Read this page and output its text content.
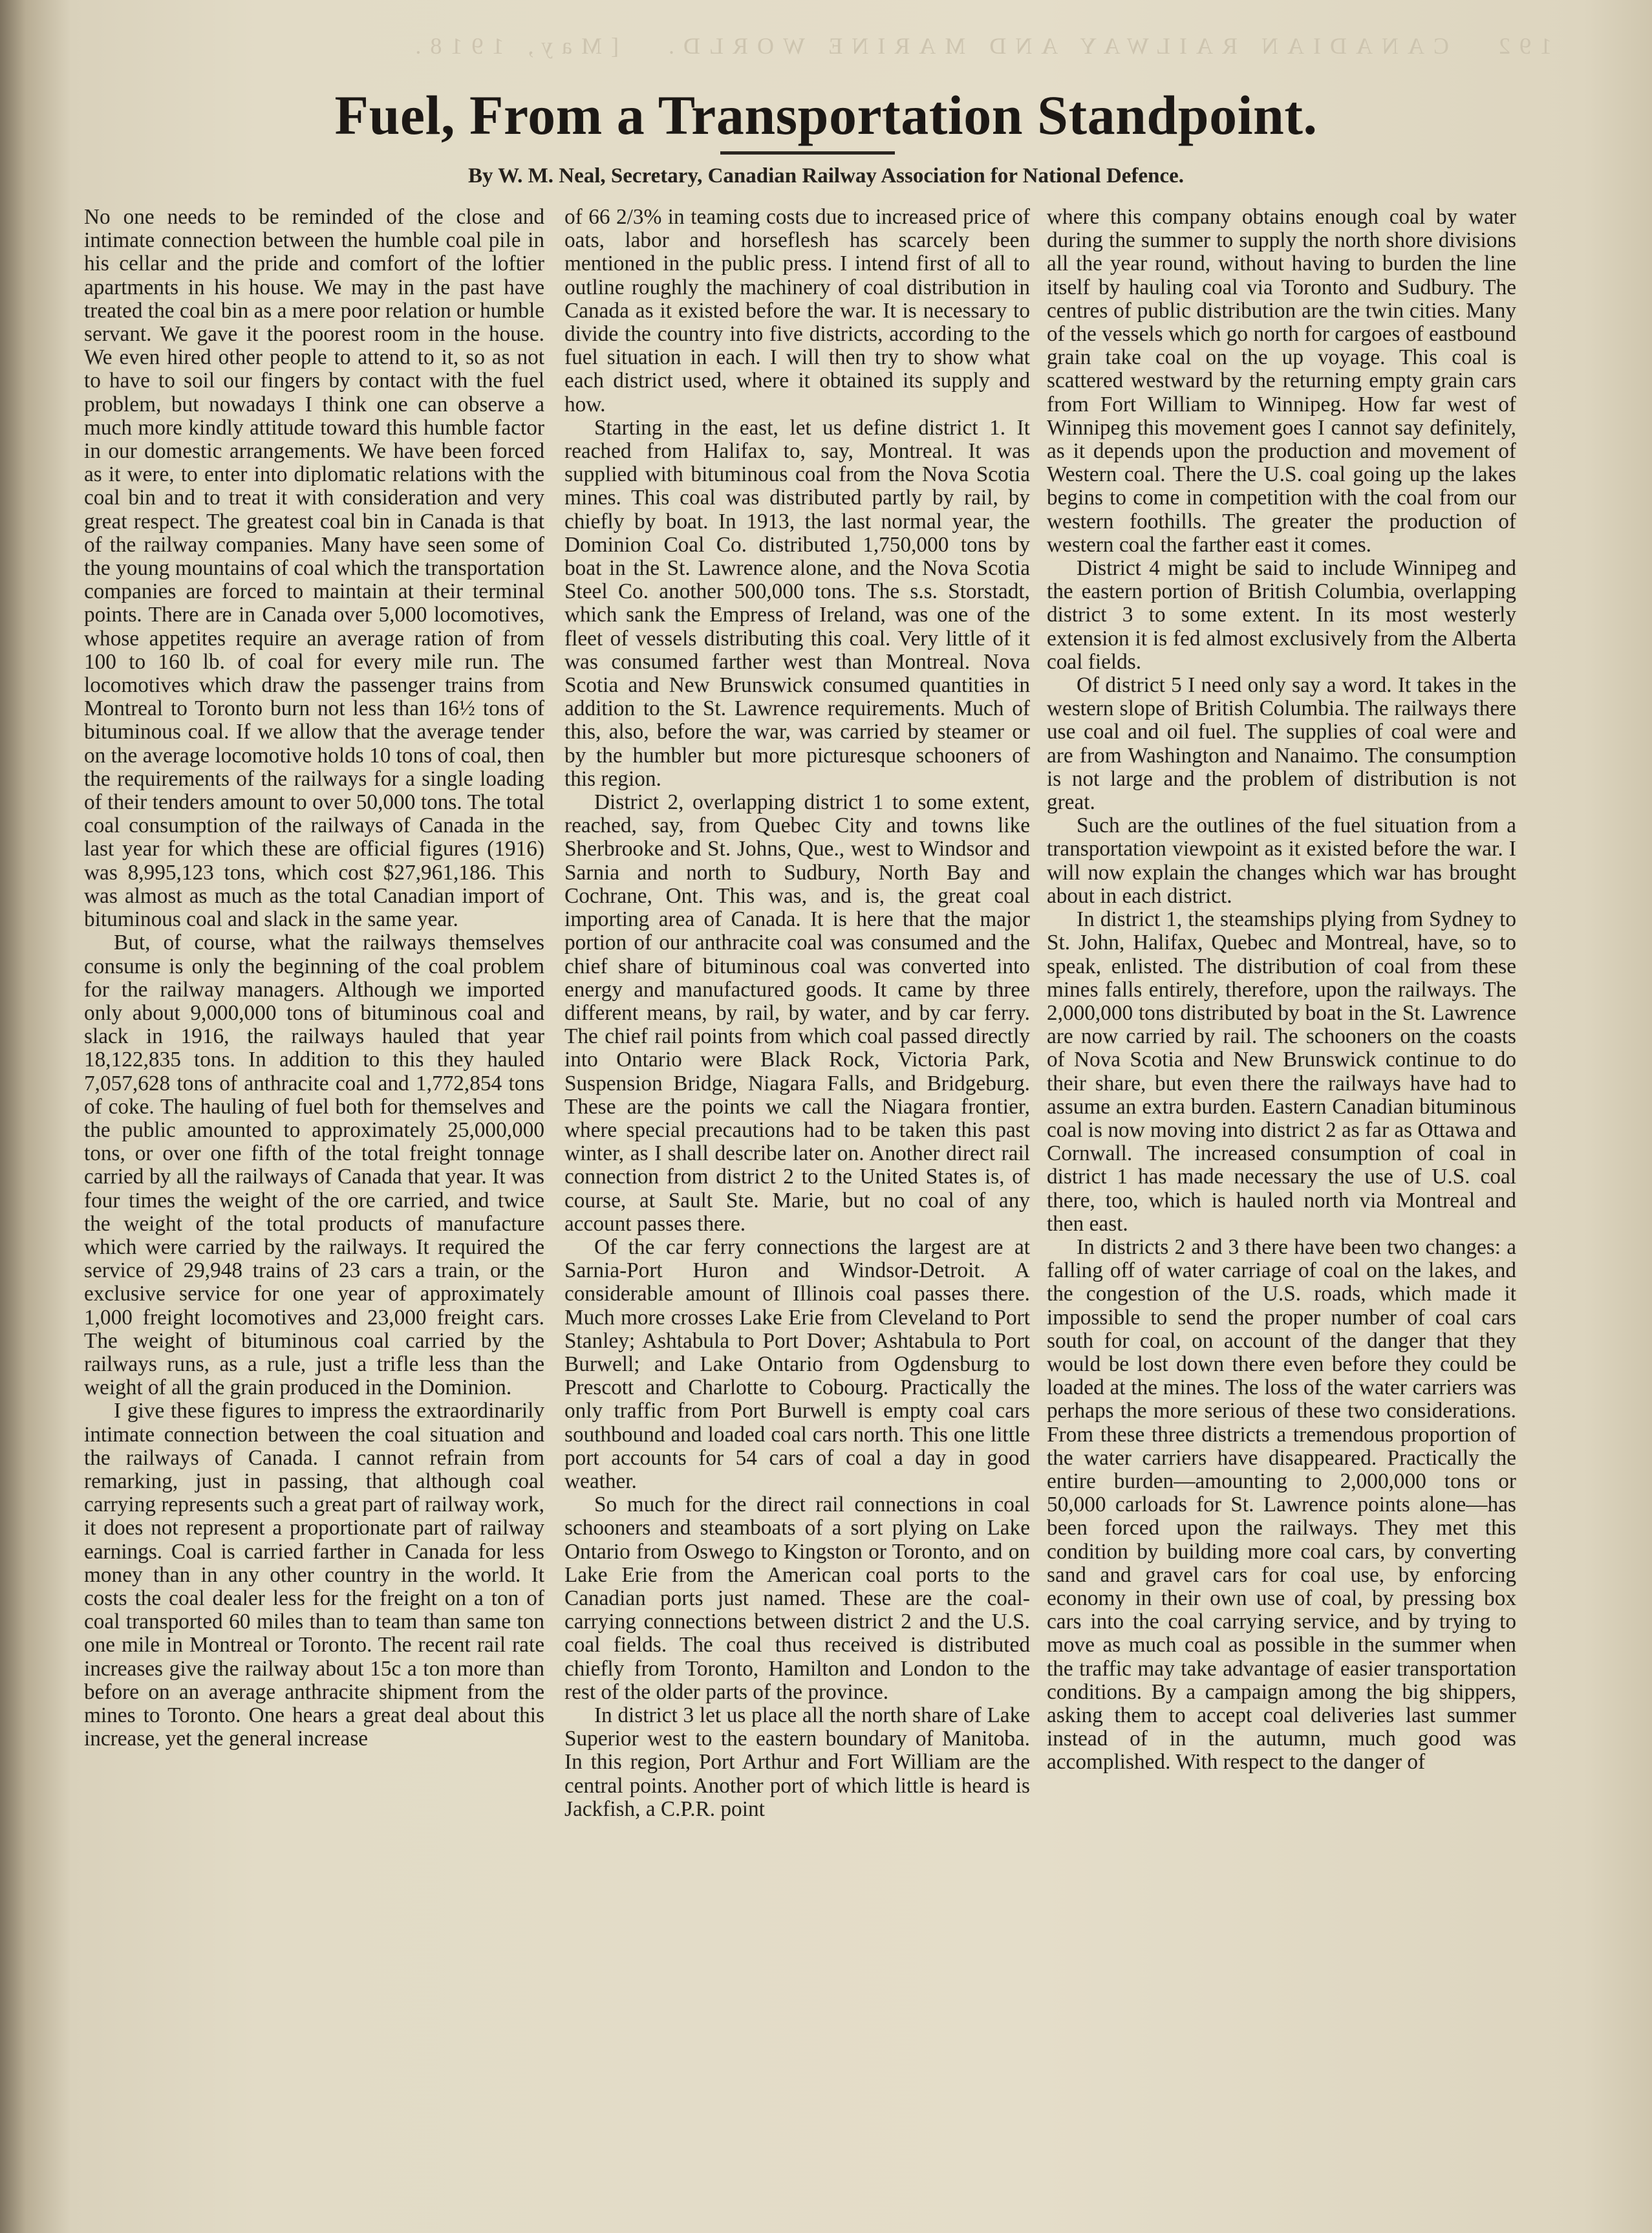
192 CANADIAN RAILWAY AND MARINE WORLD. [May, 1918.
Fuel, From a Transportation Standpoint.
By W. M. Neal, Secretary, Canadian Railway Association for National Defence.

No one needs to be reminded of the close and intimate connection between the humble coal pile in his cellar and the pride and comfort of the loftier apartments in his house. We may in the past have treated the coal bin as a mere poor relation or humble servant. We gave it the poorest room in the house. We even hired other people to attend to it, so as not to have to soil our fingers by contact with the fuel problem, but nowadays I think one can observe a much more kindly attitude toward this humble factor in our domestic arrangements. We have been forced as it were, to enter into diplomatic relations with the coal bin and to treat it with consideration and very great respect. The greatest coal bin in Canada is that of the railway companies. Many have seen some of the young mountains of coal which the transportation companies are forced to maintain at their terminal points. There are in Canada over 5,000 locomotives, whose appetites require an average ration of from 100 to 160 lb. of coal for every mile run. The locomotives which draw the passenger trains from Montreal to Toronto burn not less than 16½ tons of bituminous coal. If we allow that the average tender on the average locomotive holds 10 tons of coal, then the requirements of the railways for a single loading of their tenders amount to over 50,000 tons. The total coal consumption of the railways of Canada in the last year for which these are official figures (1916) was 8,995,123 tons, which cost $27,961,186. This was almost as much as the total Canadian import of bituminous coal and slack in the same year.

But, of course, what the railways themselves consume is only the beginning of the coal problem for the railway managers. Although we imported only about 9,000,000 tons of bituminous coal and slack in 1916, the railways hauled that year 18,122,835 tons. In addition to this they hauled 7,057,628 tons of anthracite coal and 1,772,854 tons of coke. The hauling of fuel both for themselves and the public amounted to approximately 25,000,000 tons, or over one fifth of the total freight tonnage carried by all the railways of Canada that year. It was four times the weight of the ore carried, and twice the weight of the total products of manufacture which were carried by the railways. It required the service of 29,948 trains of 23 cars a train, or the exclusive service for one year of approximately 1,000 freight locomotives and 23,000 freight cars. The weight of bituminous coal carried by the railways runs, as a rule, just a trifle less than the weight of all the grain produced in the Dominion.

I give these figures to impress the extraordinarily intimate connection between the coal situation and the railways of Canada. I cannot refrain from remarking, just in passing, that although coal carrying represents such a great part of railway work, it does not represent a proportionate part of railway earnings. Coal is carried farther in Canada for less money than in any other country in the world. It costs the coal dealer less for the freight on a ton of coal transported 60 miles than to team than same ton one mile in Montreal or Toronto. The recent rail rate increases give the railway about 15c a ton more than before on an average anthracite shipment from the mines to Toronto. One hears a great deal about this increase, yet the general increase

of 66 2/3% in teaming costs due to increased price of oats, labor and horseflesh has scarcely been mentioned in the public press. I intend first of all to outline roughly the machinery of coal distribution in Canada as it existed before the war. It is necessary to divide the country into five districts, according to the fuel situation in each. I will then try to show what each district used, where it obtained its supply and how.

Starting in the east, let us define district 1. It reached from Halifax to, say, Montreal. It was supplied with bituminous coal from the Nova Scotia mines. This coal was distributed partly by rail, by chiefly by boat. In 1913, the last normal year, the Dominion Coal Co. distributed 1,750,000 tons by boat in the St. Lawrence alone, and the Nova Scotia Steel Co. another 500,000 tons. The s.s. Storstadt, which sank the Empress of Ireland, was one of the fleet of vessels distributing this coal. Very little of it was consumed farther west than Montreal. Nova Scotia and New Brunswick consumed quantities in addition to the St. Lawrence requirements. Much of this, also, before the war, was carried by steamer or by the humbler but more picturesque schooners of this region.

District 2, overlapping district 1 to some extent, reached, say, from Quebec City and towns like Sherbrooke and St. Johns, Que., west to Windsor and Sarnia and north to Sudbury, North Bay and Cochrane, Ont. This was, and is, the great coal importing area of Canada. It is here that the major portion of our anthracite coal was consumed and the chief share of bituminous coal was converted into energy and manufactured goods. It came by three different means, by rail, by water, and by car ferry. The chief rail points from which coal passed directly into Ontario were Black Rock, Victoria Park, Suspension Bridge, Niagara Falls, and Bridgeburg. These are the points we call the Niagara frontier, where special precautions had to be taken this past winter, as I shall describe later on. Another direct rail connection from district 2 to the United States is, of course, at Sault Ste. Marie, but no coal of any account passes there.

Of the car ferry connections the largest are at Sarnia-Port Huron and Windsor-Detroit. A considerable amount of Illinois coal passes there. Much more crosses Lake Erie from Cleveland to Port Stanley; Ashtabula to Port Dover; Ashtabula to Port Burwell; and Lake Ontario from Ogdensburg to Prescott and Charlotte to Cobourg. Practically the only traffic from Port Burwell is empty coal cars southbound and loaded coal cars north. This one little port accounts for 54 cars of coal a day in good weather.

So much for the direct rail connections in coal schooners and steamboats of a sort plying on Lake Ontario from Oswego to Kingston or Toronto, and on Lake Erie from the American coal ports to the Canadian ports just named. These are the coal-carrying connections between district 2 and the U.S. coal fields. The coal thus received is distributed chiefly from Toronto, Hamilton and London to the rest of the older parts of the province.

In district 3 let us place all the north share of Lake Superior west to the eastern boundary of Manitoba. In this region, Port Arthur and Fort William are the central points. Another port of which little is heard is Jackfish, a C.P.R. point

where this company obtains enough coal by water during the summer to supply the north shore divisions all the year round, without having to burden the line itself by hauling coal via Toronto and Sudbury. The centres of public distribution are the twin cities. Many of the vessels which go north for cargoes of eastbound grain take coal on the up voyage. This coal is scattered westward by the returning empty grain cars from Fort William to Winnipeg. How far west of Winnipeg this movement goes I cannot say definitely, as it depends upon the production and movement of Western coal. There the U.S. coal going up the lakes begins to come in competition with the coal from our western foothills. The greater the production of western coal the farther east it comes.

District 4 might be said to include Winnipeg and the eastern portion of British Columbia, overlapping district 3 to some extent. In its most westerly extension it is fed almost exclusively from the Alberta coal fields.

Of district 5 I need only say a word. It takes in the western slope of British Columbia. The railways there use coal and oil fuel. The supplies of coal were and are from Washington and Nanaimo. The consumption is not large and the problem of distribution is not great.

Such are the outlines of the fuel situation from a transportation viewpoint as it existed before the war. I will now explain the changes which war has brought about in each district.

In district 1, the steamships plying from Sydney to St. John, Halifax, Quebec and Montreal, have, so to speak, enlisted. The distribution of coal from these mines falls entirely, therefore, upon the railways. The 2,000,000 tons distributed by boat in the St. Lawrence are now carried by rail. The schooners on the coasts of Nova Scotia and New Brunswick continue to do their share, but even there the railways have had to assume an extra burden. Eastern Canadian bituminous coal is now moving into district 2 as far as Ottawa and Cornwall. The increased consumption of coal in district 1 has made necessary the use of U.S. coal there, too, which is hauled north via Montreal and then east.

In districts 2 and 3 there have been two changes: a falling off of water carriage of coal on the lakes, and the congestion of the U.S. roads, which made it impossible to send the proper number of coal cars south for coal, on account of the danger that they would be lost down there even before they could be loaded at the mines. The loss of the water carriers was perhaps the more serious of these two considerations. From these three districts a tremendous proportion of the water carriers have disappeared. Practically the entire burden—amounting to 2,000,000 tons or 50,000 carloads for St. Lawrence points alone—has been forced upon the railways. They met this condition by building more coal cars, by converting sand and gravel cars for coal use, by enforcing economy in their own use of coal, by pressing box cars into the coal carrying service, and by trying to move as much coal as possible in the summer when the traffic may take advantage of easier transportation conditions. By a campaign among the big shippers, asking them to accept coal deliveries last summer instead of in the autumn, much good was accomplished. With respect to the danger of
